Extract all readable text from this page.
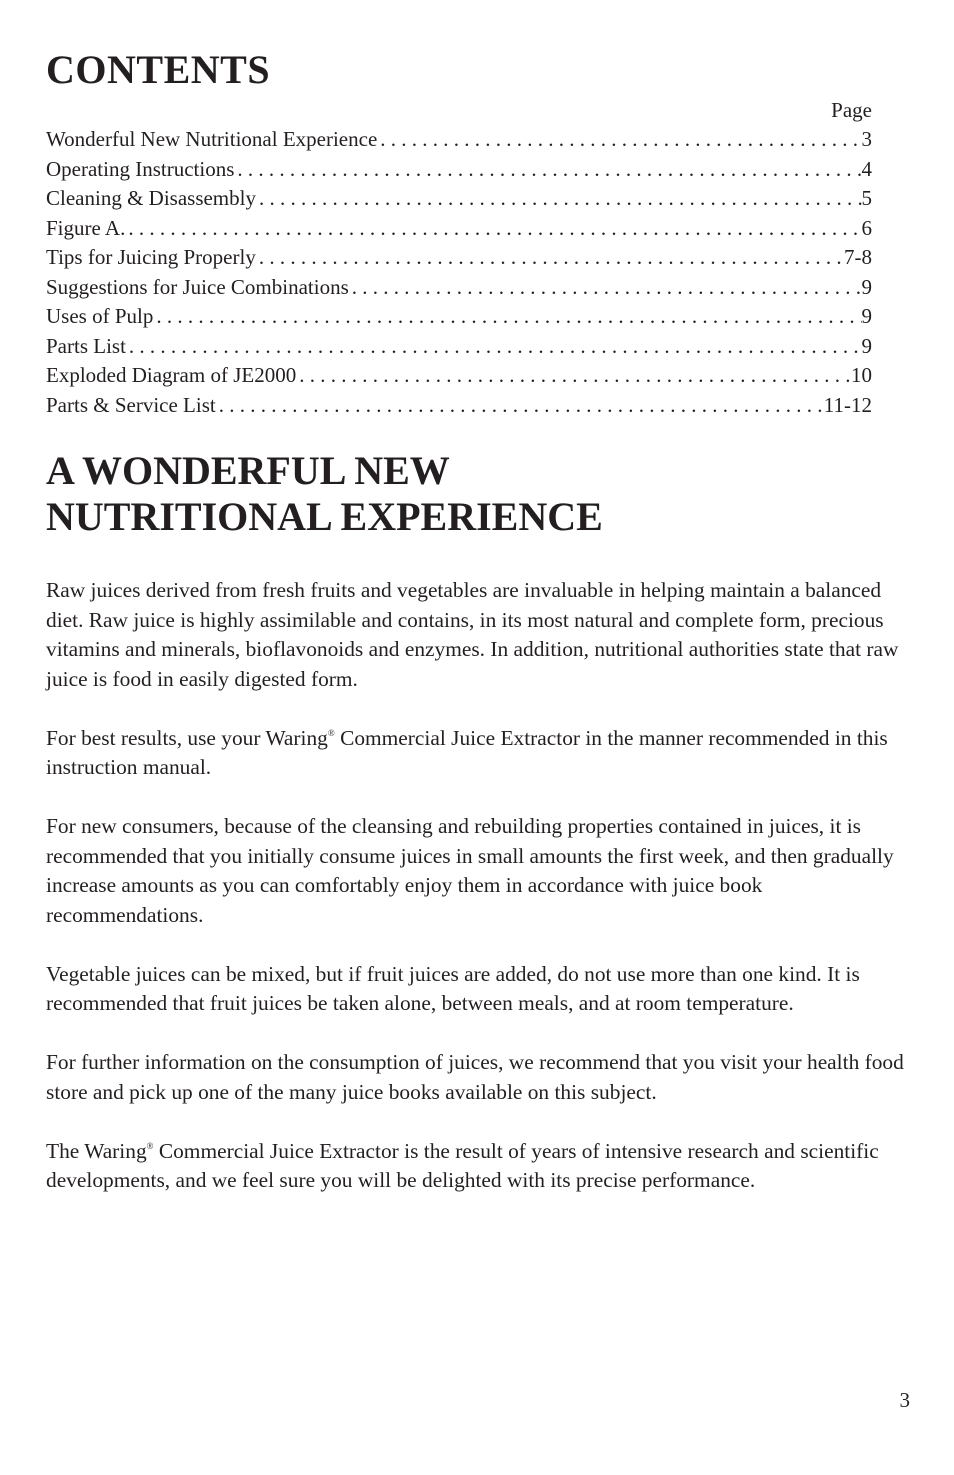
CONTENTS
Page
Wonderful New Nutritional Experience . . .	3
Operating Instructions . . .	4
Cleaning & Disassembly . . .	5
Figure A. . . .	6
Tips for Juicing Properly . . .	7-8
Suggestions for Juice Combinations . . .	9
Uses of Pulp . . .	9
Parts List . . .	9
Exploded Diagram of JE2000 . . .	10
Parts & Service List . . .	11-12
A WONDERFUL NEW
NUTRITIONAL EXPERIENCE

Raw juices derived from fresh fruits and vegetables are invaluable in helping maintain a balanced diet. Raw juice is highly assimilable and contains, in its most natural and complete form, precious vitamins and minerals, bioflavonoids and enzymes. In addition, nutritional authorities state that raw juice is food in easily digested form.

For best results, use your Waring® Commercial Juice Extractor in the manner recommended in this instruction manual.

For new consumers, because of the cleansing and rebuilding properties contained in juices, it is recommended that you initially consume juices in small amounts the first week, and then gradually increase amounts as you can comfortably enjoy them in accordance with juice book recommendations.

Vegetable juices can be mixed, but if fruit juices are added, do not use more than one kind. It is recommended that fruit juices be taken alone, between meals, and at room temperature.

For further information on the consumption of juices, we recommend that you visit your health food store and pick up one of the many juice books available on this subject.

The Waring® Commercial Juice Extractor is the result of years of intensive research and scientific developments, and we feel sure you will be delighted with its precise performance.

3
